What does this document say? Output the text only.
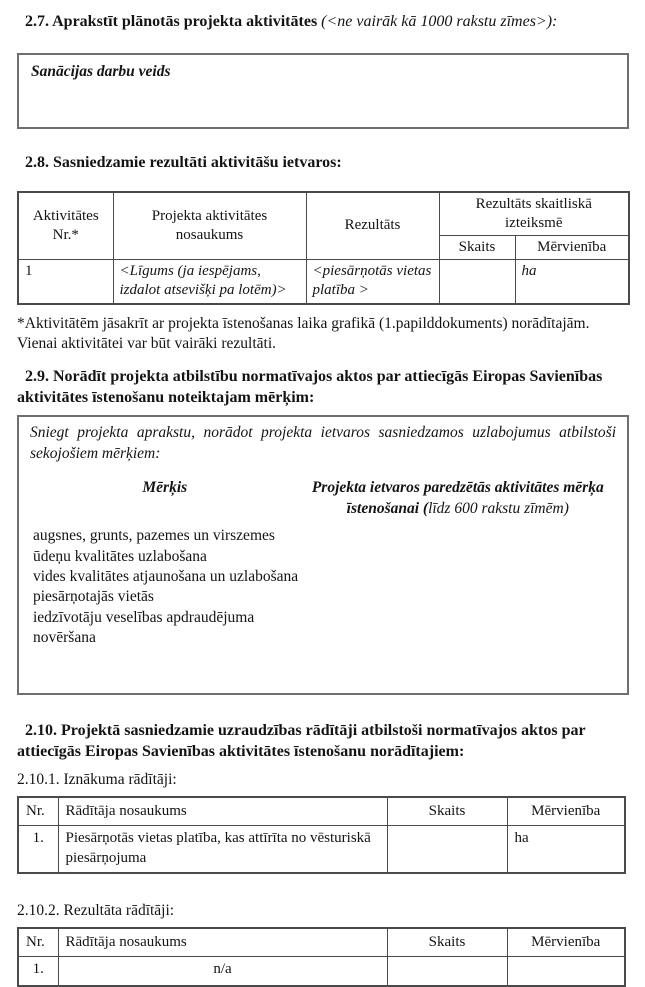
2.7. Aprakstīt plānotās projekta aktivitātes (<ne vairāk kā 1000 rakstu zīmes>):

Sanācijas darbu veids

2.8. Sasniedzamie rezultāti aktivitāšu ietvaros:

Aktivitātes Nr.*	Projekta aktivitātes nosaukums	Rezultāts	Rezultāts skaitliskā izteiksmē	
			Skaits	Mērvienība
1	<Līgums (ja iespējams, izdalot atsevišķi pa lotēm)>	<piesārņotās vietas platība >		ha

*Aktivitātēm jāsakrīt ar projekta īstenošanas laika grafikā (1.papilddokuments) norādītajām. Vienai aktivitātei var būt vairāki rezultāti.

2.9. Norādīt projekta atbilstību normatīvajos aktos par attiecīgās Eiropas Savienības aktivitātes īstenošanu noteiktajam mērķim:

Sniegt projekta aprakstu, norādot projekta ietvaros sasniedzamos uzlabojumus atbilstoši sekojošiem mērķiem:

Mērķis	Projekta ietvaros paredzētās aktivitātes mērķa īstenošanai (līdz 600 rakstu zīmēm)
augsnes, grunts, pazemes un virszemes
ūdeņu kvalitātes uzlabošana
vides kvalitātes atjaunošana un uzlabošana
piesārņotajās vietās
iedzīvotāju veselības apdraudējuma
novēršana

2.10. Projektā sasniedzamie uzraudzības rādītāji atbilstoši normatīvajos aktos par attiecīgās Eiropas Savienības aktivitātes īstenošanu norādītajiem:

2.10.1. Iznākuma rādītāji:

Nr.	Rādītāja nosaukums	Skaits	Mērvienība
1.	Piesārņotās vietas platība, kas attīrīta no vēsturiskā piesārņojuma		ha

2.10.2. Rezultāta rādītāji:

Nr.	Rādītāja nosaukums	Skaits	Mērvienība
1.	n/a		
